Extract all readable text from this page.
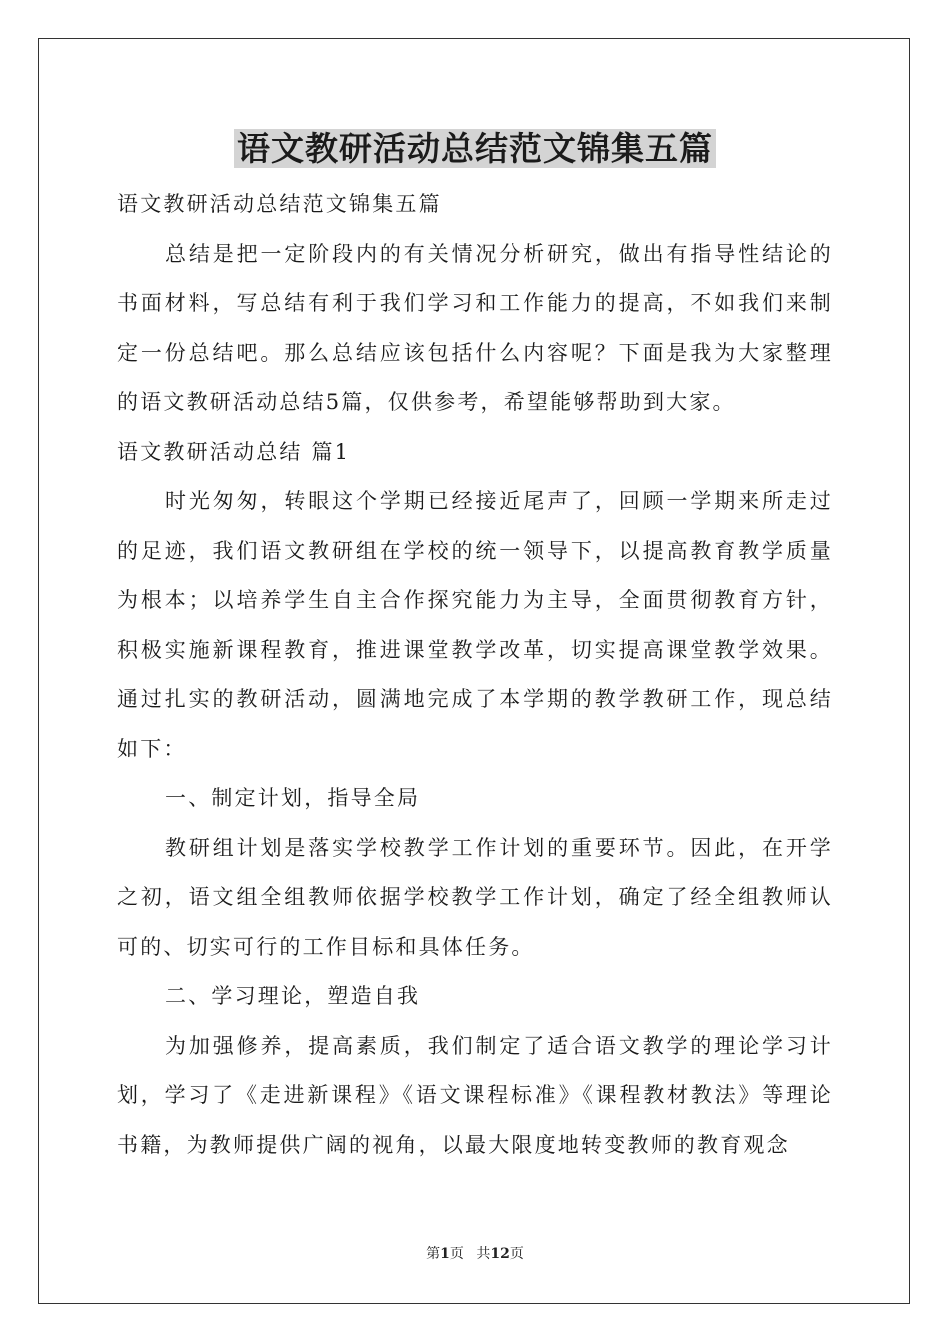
语文教研活动总结范文锦集五篇

语文教研活动总结范文锦集五篇

总结是把一定阶段内的有关情况分析研究，做出有指导性结论的书面材料，写总结有利于我们学习和工作能力的提高，不如我们来制定一份总结吧。那么总结应该包括什么内容呢？下面是我为大家整理的语文教研活动总结5篇，仅供参考，希望能够帮助到大家。

语文教研活动总结 篇1

时光匆匆，转眼这个学期已经接近尾声了，回顾一学期来所走过的足迹，我们语文教研组在学校的统一领导下，以提高教育教学质量为根本；以培养学生自主合作探究能力为主导，全面贯彻教育方针，积极实施新课程教育，推进课堂教学改革，切实提高课堂教学效果。通过扎实的教研活动，圆满地完成了本学期的教学教研工作，现总结如下：

一、制定计划，指导全局

教研组计划是落实学校教学工作计划的重要环节。因此，在开学之初，语文组全组教师依据学校教学工作计划，确定了经全组教师认可的、切实可行的工作目标和具体任务。

二、学习理论，塑造自我

为加强修养，提高素质，我们制定了适合语文教学的理论学习计划，学习了《走进新课程》《语文课程标准》《课程教材教法》等理论书籍，为教师提供广阔的视角，以最大限度地转变教师的教育观念

第1页 共12页
